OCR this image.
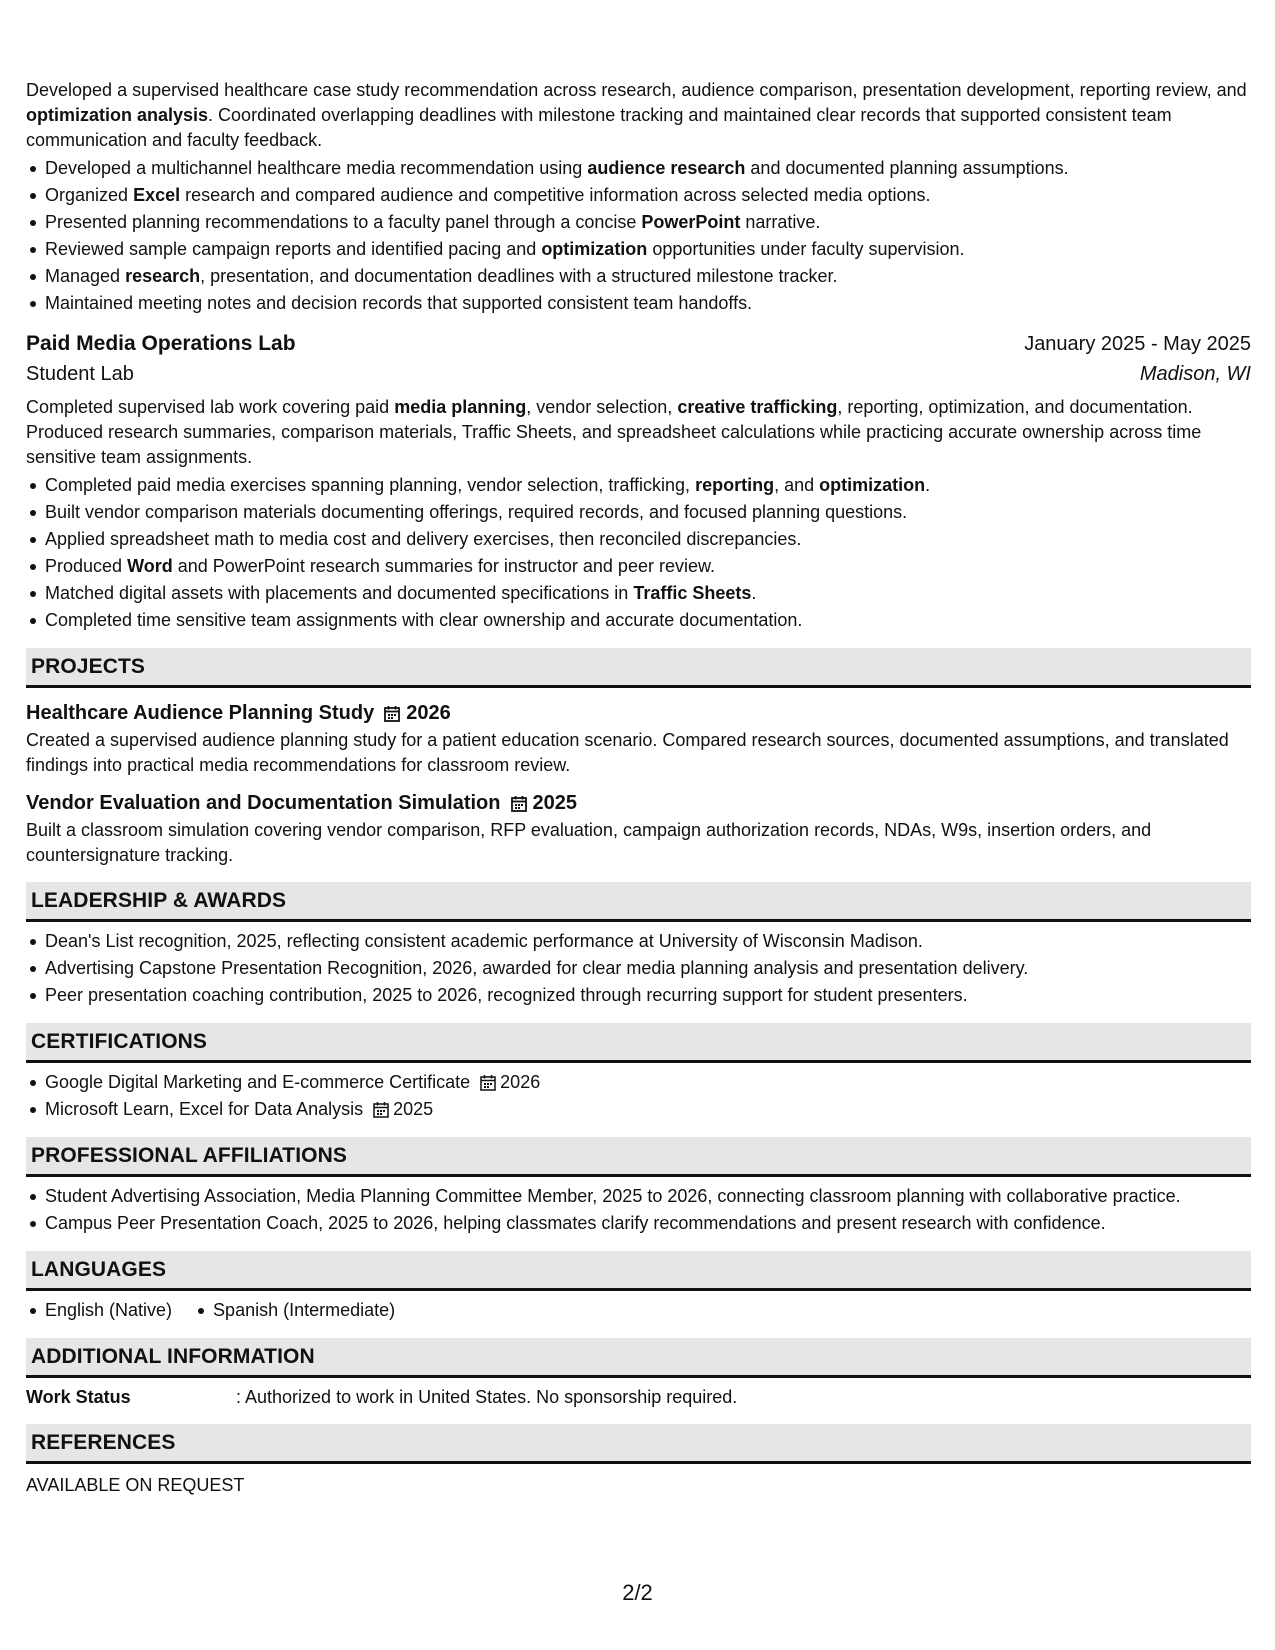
Developed a supervised healthcare case study recommendation across research, audience comparison, presentation development, reporting review, and optimization analysis. Coordinated overlapping deadlines with milestone tracking and maintained clear records that supported consistent team communication and faculty feedback.

Developed a multichannel healthcare media recommendation using audience research and documented planning assumptions.
Organized Excel research and compared audience and competitive information across selected media options.
Presented planning recommendations to a faculty panel through a concise PowerPoint narrative.
Reviewed sample campaign reports and identified pacing and optimization opportunities under faculty supervision.
Managed research, presentation, and documentation deadlines with a structured milestone tracker.
Maintained meeting notes and decision records that supported consistent team handoffs.
Paid Media Operations Lab	January 2025 - May 2025
Student Lab	Madison, WI

Completed supervised lab work covering paid media planning, vendor selection, creative trafficking, reporting, optimization, and documentation. Produced research summaries, comparison materials, Traffic Sheets, and spreadsheet calculations while practicing accurate ownership across time sensitive team assignments.

Completed paid media exercises spanning planning, vendor selection, trafficking, reporting, and optimization.
Built vendor comparison materials documenting offerings, required records, and focused planning questions.
Applied spreadsheet math to media cost and delivery exercises, then reconciled discrepancies.
Produced Word and PowerPoint research summaries for instructor and peer review.
Matched digital assets with placements and documented specifications in Traffic Sheets.
Completed time sensitive team assignments with clear ownership and accurate documentation.
PROJECTS
Healthcare Audience Planning Study 2026

Created a supervised audience planning study for a patient education scenario. Compared research sources, documented assumptions, and translated findings into practical media recommendations for classroom review.

Vendor Evaluation and Documentation Simulation 2025

Built a classroom simulation covering vendor comparison, RFP evaluation, campaign authorization records, NDAs, W9s, insertion orders, and countersignature tracking.

LEADERSHIP & AWARDS
Dean's List recognition, 2025, reflecting consistent academic performance at University of Wisconsin Madison.
Advertising Capstone Presentation Recognition, 2026, awarded for clear media planning analysis and presentation delivery.
Peer presentation coaching contribution, 2025 to 2026, recognized through recurring support for student presenters.
CERTIFICATIONS
Google Digital Marketing and E-commerce Certificate 2026
Microsoft Learn, Excel for Data Analysis 2025
PROFESSIONAL AFFILIATIONS
Student Advertising Association, Media Planning Committee Member, 2025 to 2026, connecting classroom planning with collaborative practice.
Campus Peer Presentation Coach, 2025 to 2026, helping classmates clarify recommendations and present research with confidence.
LANGUAGES
English (Native)	Spanish (Intermediate)
ADDITIONAL INFORMATION
Work Status	: Authorized to work in United States. No sponsorship required.
REFERENCES

AVAILABLE ON REQUEST

2/2
